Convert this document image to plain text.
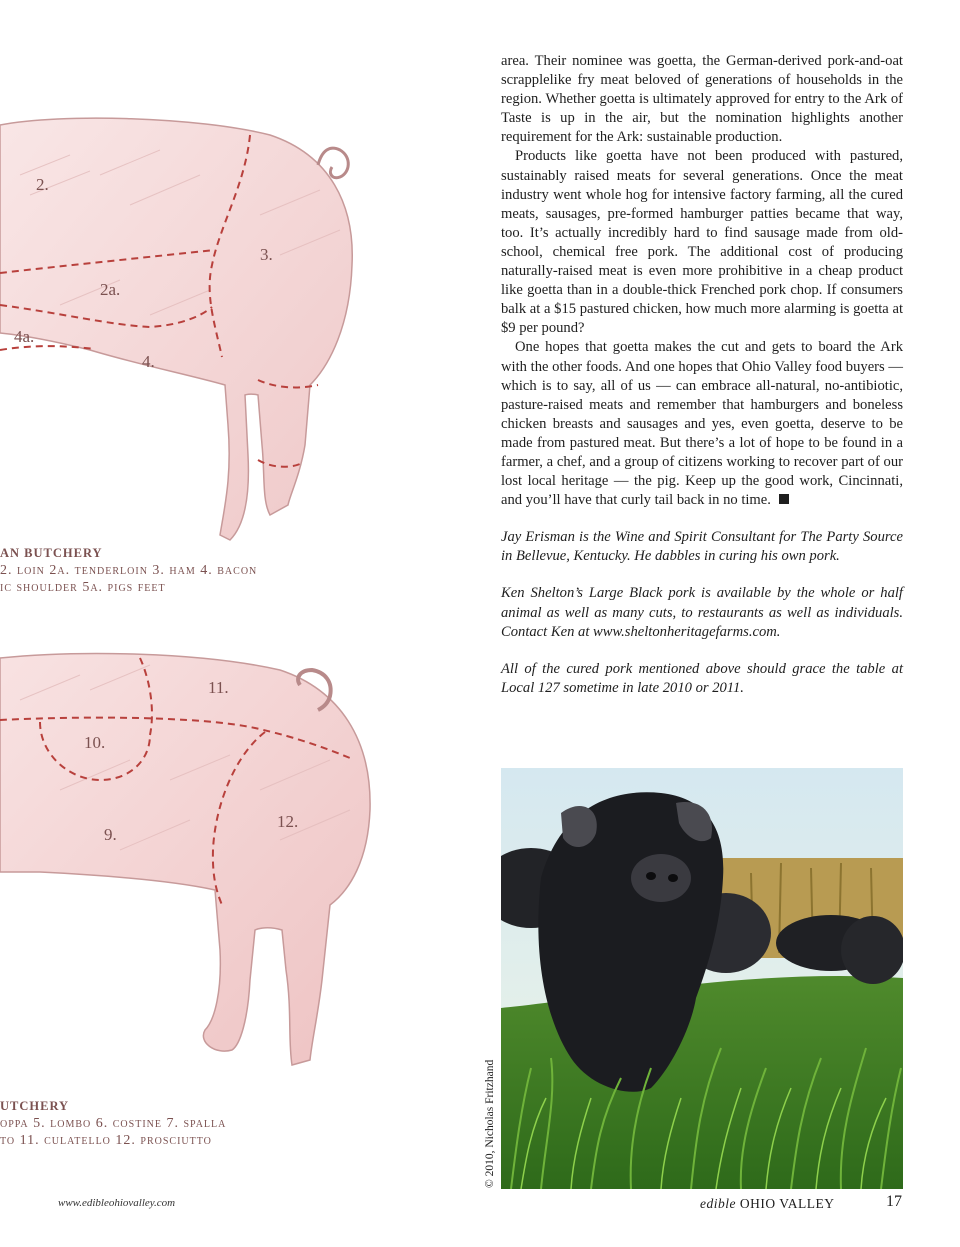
2.
3.
2a.
4a.
4.
AN BUTCHERY
2. loin 2a. tenderloin 3. ham 4. bacon
ic shoulder 5a. pigs feet
11.
10.
12.
9.
UTCHERY
oppa 5. lombo 6. costine 7. spalla
to 11. culatello 12. prosciutto

area. Their nominee was goetta, the German-derived pork-and-oat scrapplelike fry meat beloved of generations of households in the region. Whether goetta is ultimately approved for entry to the Ark of Taste is up in the air, but the nomination highlights another requirement for the Ark: sustainable production.

Products like goetta have not been produced with pastured, sustainably raised meats for several generations. Once the meat industry went whole hog for intensive factory farming, all the cured meats, sausages, pre-formed hamburger patties became that way, too. It’s actually incredibly hard to find sausage made from old-school, chemical free pork. The additional cost of producing naturally-raised meat is even more prohibitive in a cheap product like goetta than in a double-thick Frenched pork chop. If consumers balk at a $15 pastured chicken, how much more alarming is goetta at $9 per pound?

One hopes that goetta makes the cut and gets to board the Ark with the other foods. And one hopes that Ohio Valley food buyers — which is to say, all of us — can embrace all-natural, no-antibiotic, pasture-raised meats and remember that hamburgers and boneless chicken breasts and sausages and yes, even goetta, deserve to be made from pastured meat. But there’s a lot of hope to be found in a farmer, a chef, and a group of citizens working to recover part of our lost local heritage — the pig. Keep up the good work, Cincinnati, and you’ll have that curly tail back in no time.

Jay Erisman is the Wine and Spirit Consultant for The Party Source in Bellevue, Kentucky. He dabbles in curing his own pork.

Ken Shelton’s Large Black pork is available by the whole or half animal as well as many cuts, to restaurants as well as individuals. Contact Ken at www.sheltonheritagefarms.com.

All of the cured pork mentioned above should grace the table at Local 127 sometime in late 2010 or 2011.

© 2010, Nicholas Fritzhand
www.edibleohiovalley.com	edible OHIO VALLEY	17
